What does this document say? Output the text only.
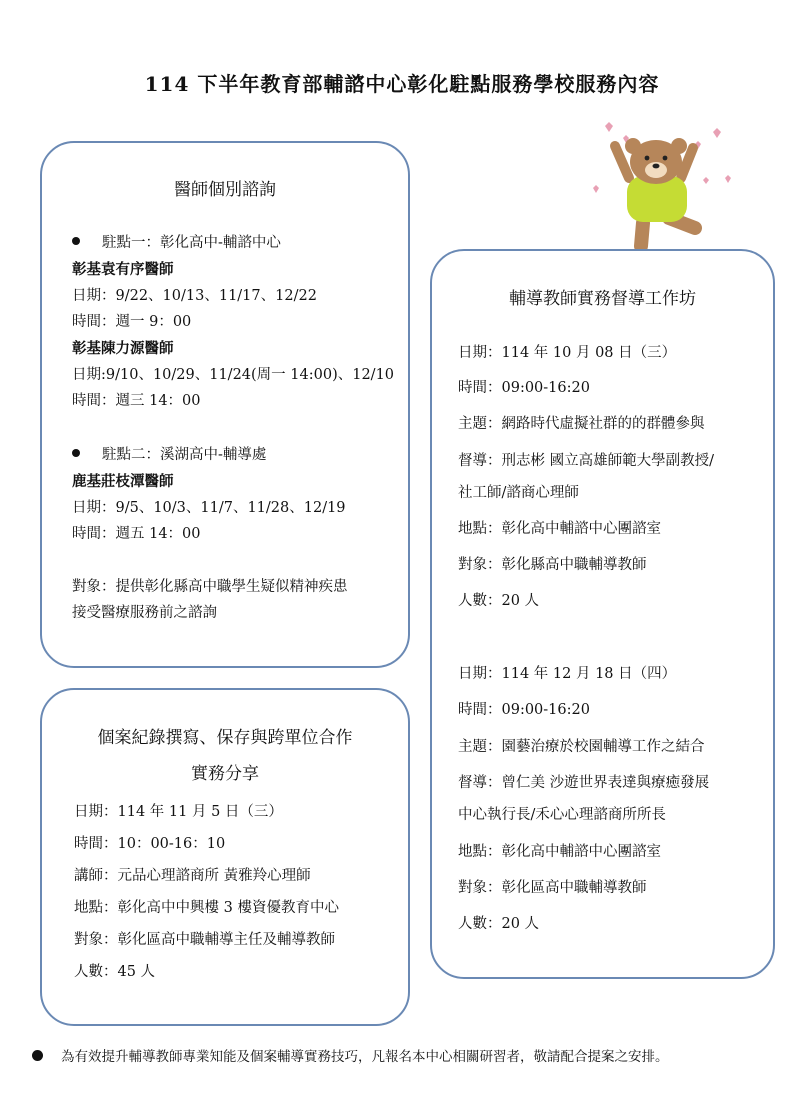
114 下半年教育部輔諮中心彰化駐點服務學校服務內容
醫師個別諮詢
駐點一：彰化高中-輔諮中心
彰基袁有序醫師
日期：9/22、10/13、11/17、12/22
時間：週一 9：00
彰基陳力源醫師
日期:9/10、10/29、11/24(周一 14:00)、12/10
時間：週三 14：00
駐點二：溪湖高中-輔導處
鹿基莊枝潭醫師
日期：9/5、10/3、11/7、11/28、12/19
時間：週五 14：00
對象：提供彰化縣高中職學生疑似精神疾患
接受醫療服務前之諮詢
個案紀錄撰寫、保存與跨單位合作
實務分享
日期：114 年 11 月 5 日（三）
時間：10：00-16：10
講師：元品心理諮商所 黃雅羚心理師
地點：彰化高中中興樓 3 樓資優教育中心
對象：彰化區高中職輔導主任及輔導教師
人數：45 人
輔導教師實務督導工作坊
日期：114 年 10 月 08 日（三）
時間：09:00-16:20
主題：網路時代虛擬社群的的群體參與
督導：刑志彬 國立高雄師範大學副教授/
社工師/諮商心理師
地點：彰化高中輔諮中心團諮室
對象：彰化縣高中職輔導教師
人數：20 人
日期：114 年 12 月 18 日（四）
時間：09:00-16:20
主題：園藝治療於校園輔導工作之結合
督導：曾仁美 沙遊世界表達與療癒發展
中心執行長/禾心心理諮商所所長
地點：彰化高中輔諮中心團諮室
對象：彰化區高中職輔導教師
人數：20 人
為有效提升輔導教師專業知能及個案輔導實務技巧，凡報名本中心相關研習者，敬請配合提案之安排。
